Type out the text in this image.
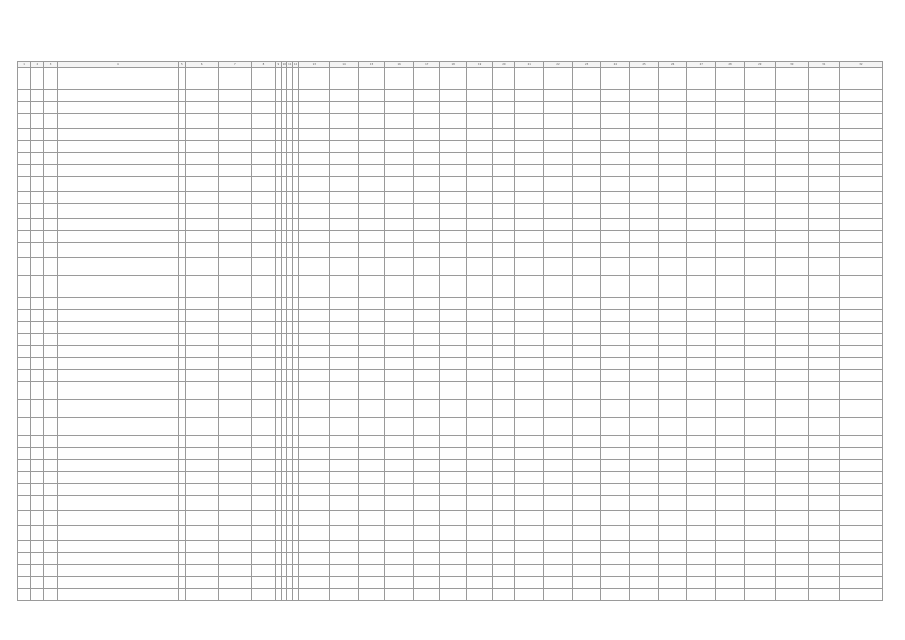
1	2	3	4	5	6	7	8	9	10	11	12	13	14	15	16	17	18	19	20	21	22	23	24	25	26	27	28	29	30	31	32
